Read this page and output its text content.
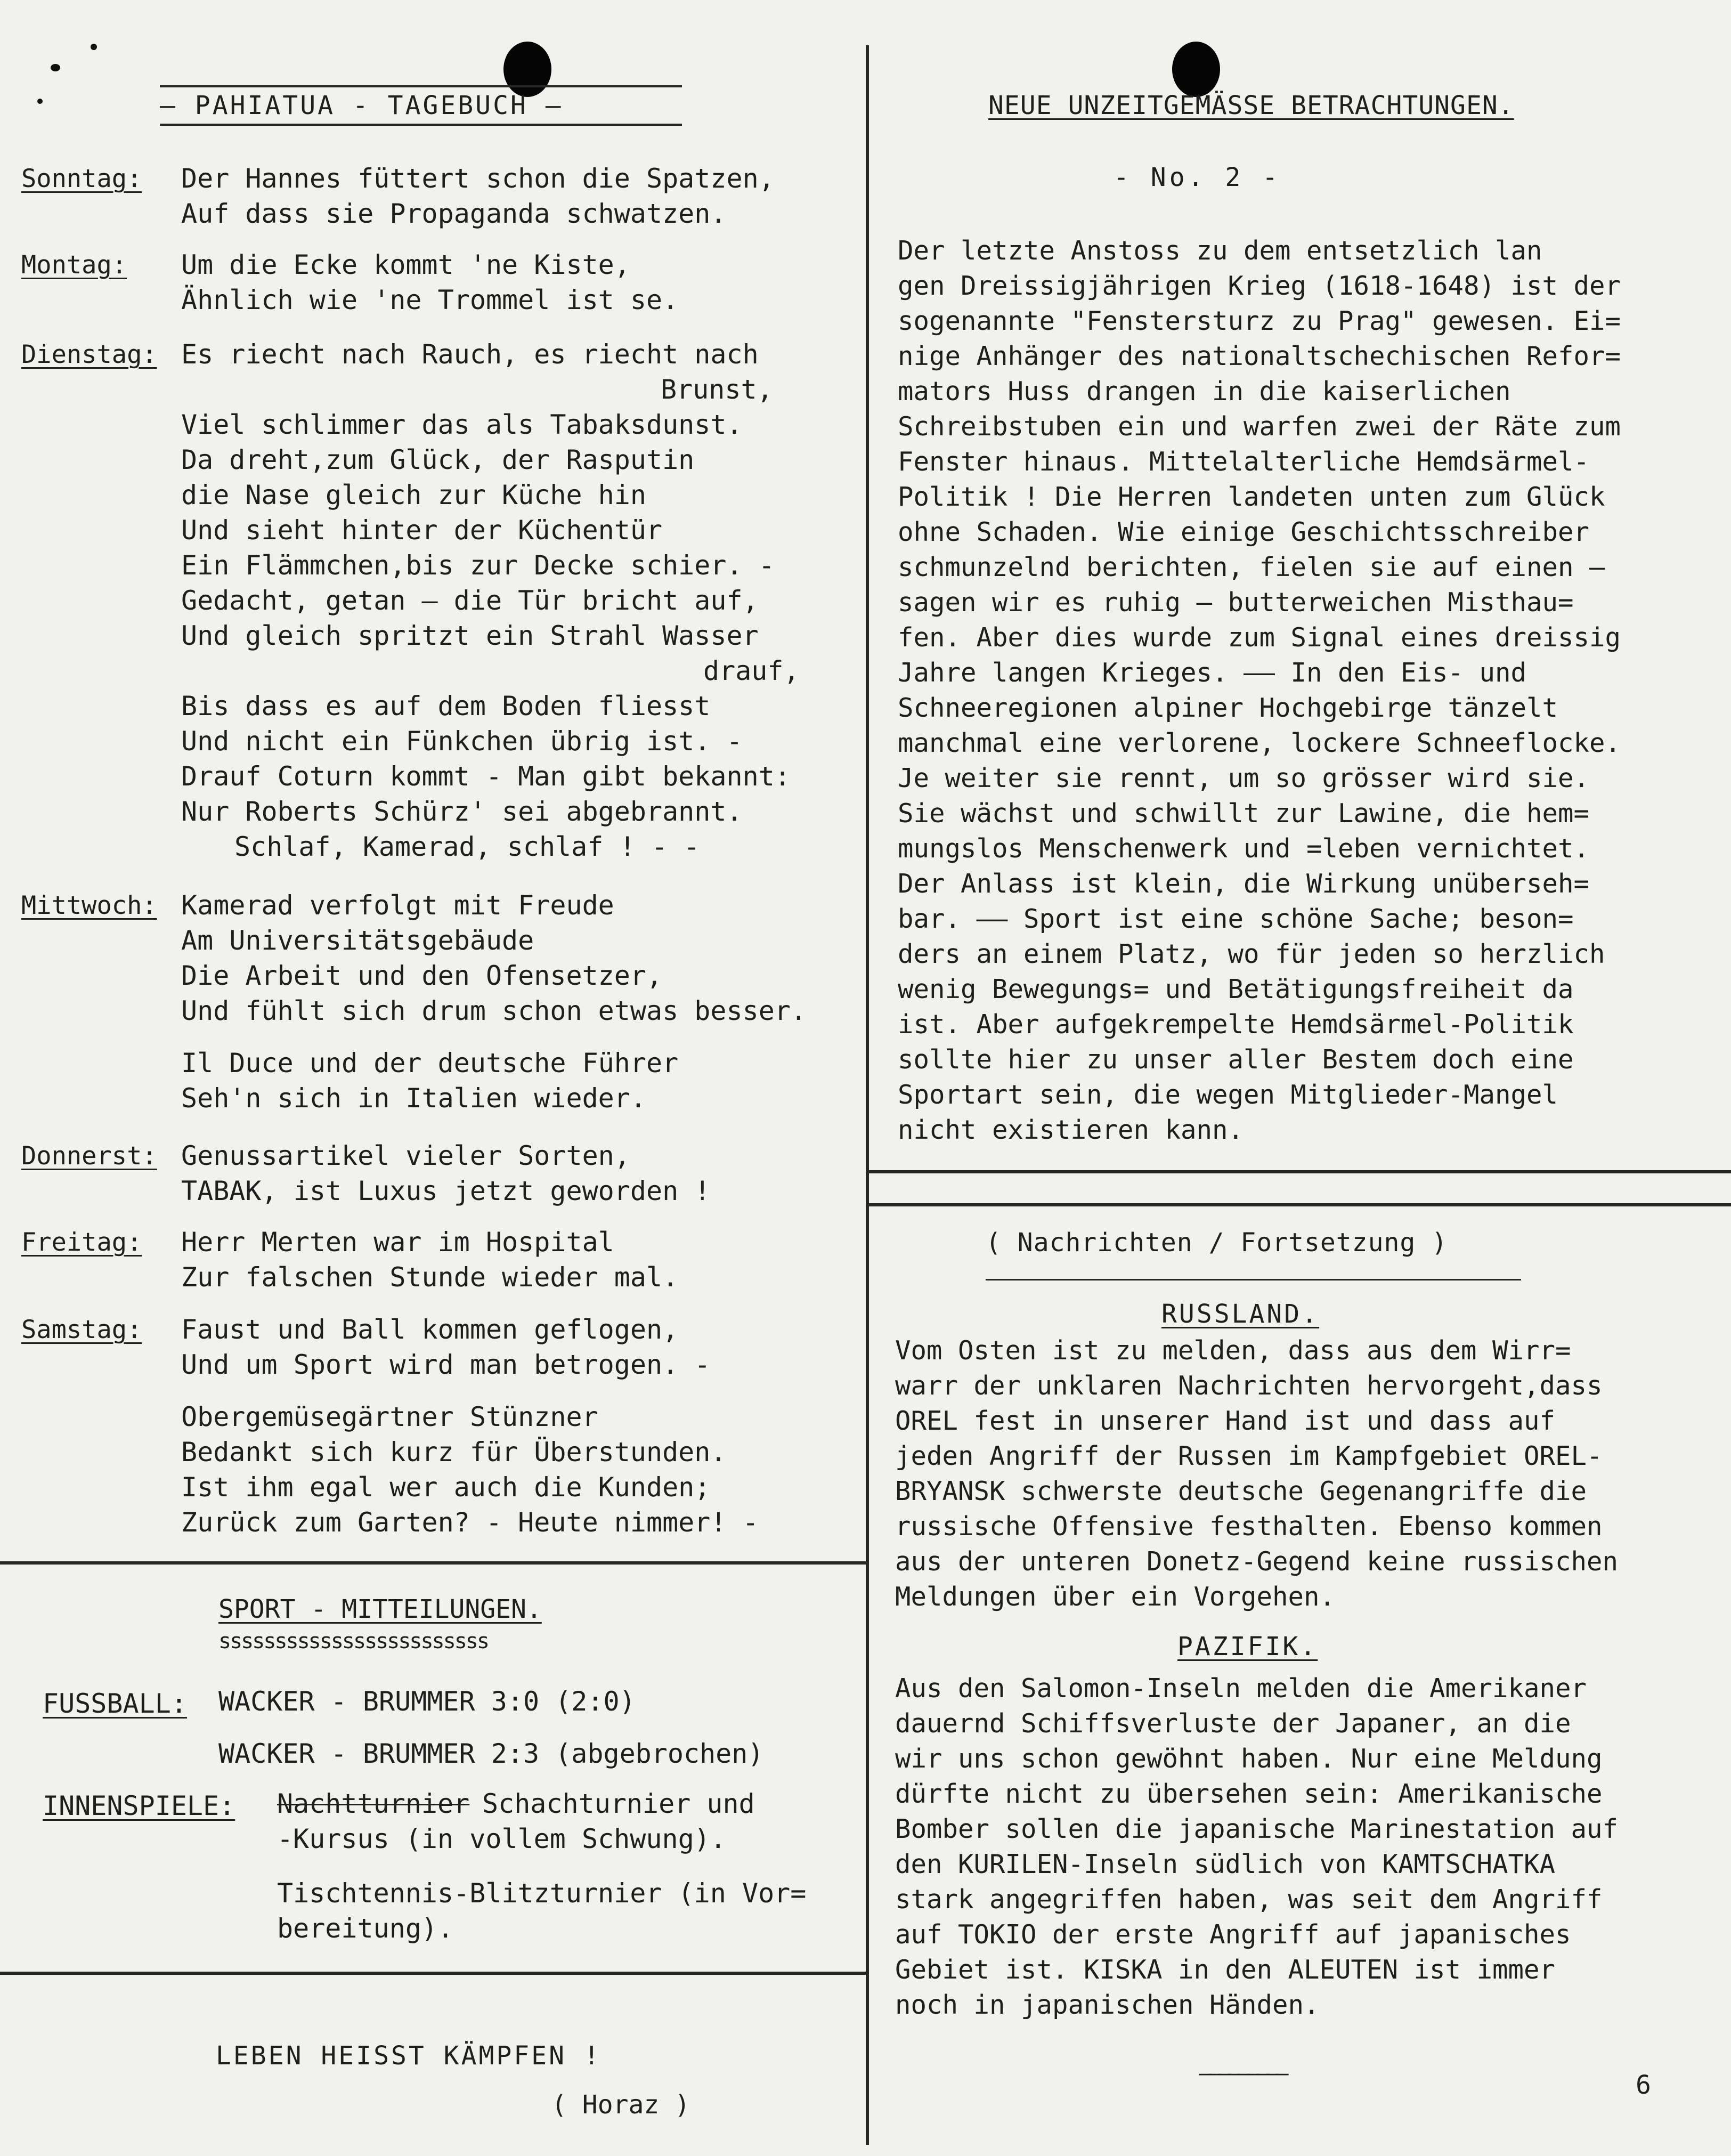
— PAHIATUA - TAGEBUCH —
Sonntag: Der Hannes füttert schon die Spatzen,
Auf dass sie Propaganda schwatzen.
Montag: Um die Ecke kommt 'ne Kiste,
Ähnlich wie 'ne Trommel ist se.
Dienstag: Es riecht nach Rauch, es riecht nach
Brunst,
Viel schlimmer das als Tabaksdunst.
Da dreht,zum Glück, der Rasputin
die Nase gleich zur Küche hin
Und sieht hinter der Küchentür
Ein Flämmchen,bis zur Decke schier. -
Gedacht, getan — die Tür bricht auf,
Und gleich spritzt ein Strahl Wasser
drauf,
Bis dass es auf dem Boden fliesst
Und nicht ein Fünkchen übrig ist. -
Drauf Coturn kommt - Man gibt bekannt:
Nur Roberts Schürz' sei abgebrannt.
Schlaf, Kamerad, schlaf ! - -
Mittwoch: Kamerad verfolgt mit Freude
Am Universitätsgebäude
Die Arbeit und den Ofensetzer,
Und fühlt sich drum schon etwas besser.
Il Duce und der deutsche Führer
Seh'n sich in Italien wieder.
Donnerst: Genussartikel vieler Sorten,
TABAK, ist Luxus jetzt geworden !
Freitag: Herr Merten war im Hospital
Zur falschen Stunde wieder mal.
Samstag: Faust und Ball kommen geflogen,
Und um Sport wird man betrogen. -
Obergemüsegärtner Stünzner
Bedankt sich kurz für Überstunden.
Ist ihm egal wer auch die Kunden;
Zurück zum Garten? - Heute nimmer! -
SPORT - MITTEILUNGEN.
ssssssssssssssssssssssss
FUSSBALL: WACKER - BRUMMER 3:0 (2:0)
WACKER - BRUMMER 2:3 (abgebrochen)
INNENSPIELE: Nachtturnier Schachturnier und
-Kursus (in vollem Schwung).
Tischtennis-Blitzturnier (in Vor=
bereitung).
LEBEN HEISST KÄMPFEN !
( Horaz )
NEUE UNZEITGEMÄSSE BETRACHTUNGEN.
- No. 2 -
Der letzte Anstoss zu dem entsetzlich lan
gen Dreissigjährigen Krieg (1618-1648) ist der
sogenannte "Fenstersturz zu Prag" gewesen. Ei=
nige Anhänger des nationaltschechischen Refor=
mators Huss drangen in die kaiserlichen
Schreibstuben ein und warfen zwei der Räte zum
Fenster hinaus. Mittelalterliche Hemdsärmel-
Politik ! Die Herren landeten unten zum Glück
ohne Schaden. Wie einige Geschichtsschreiber
schmunzelnd berichten, fielen sie auf einen —
sagen wir es ruhig — butterweichen Misthau=
fen. Aber dies wurde zum Signal eines dreissig
Jahre langen Krieges. —— In den Eis- und
Schneeregionen alpiner Hochgebirge tänzelt
manchmal eine verlorene, lockere Schneeflocke.
Je weiter sie rennt, um so grösser wird sie.
Sie wächst und schwillt zur Lawine, die hem=
mungslos Menschenwerk und =leben vernichtet.
Der Anlass ist klein, die Wirkung unüberseh=
bar. —— Sport ist eine schöne Sache; beson=
ders an einem Platz, wo für jeden so herzlich
wenig Bewegungs= und Betätigungsfreiheit da
ist. Aber aufgekrempelte Hemdsärmel-Politik
sollte hier zu unser aller Bestem doch eine
Sportart sein, die wegen Mitglieder-Mangel
nicht existieren kann.
( Nachrichten / Fortsetzung )
RUSSLAND.
Vom Osten ist zu melden, dass aus dem Wirr=
warr der unklaren Nachrichten hervorgeht,dass
OREL fest in unserer Hand ist und dass auf
jeden Angriff der Russen im Kampfgebiet OREL-
BRYANSK schwerste deutsche Gegenangriffe die
russische Offensive festhalten. Ebenso kommen
aus der unteren Donetz-Gegend keine russischen
Meldungen über ein Vorgehen.
PAZIFIK.
Aus den Salomon-Inseln melden die Amerikaner
dauernd Schiffsverluste der Japaner, an die
wir uns schon gewöhnt haben. Nur eine Meldung
dürfte nicht zu übersehen sein: Amerikanische
Bomber sollen die japanische Marinestation auf
den KURILEN-Inseln südlich von KAMTSCHATKA
stark angegriffen haben, was seit dem Angriff
auf TOKIO der erste Angriff auf japanisches
Gebiet ist. KISKA in den ALEUTEN ist immer
noch in japanischen Händen.
—————————	6
